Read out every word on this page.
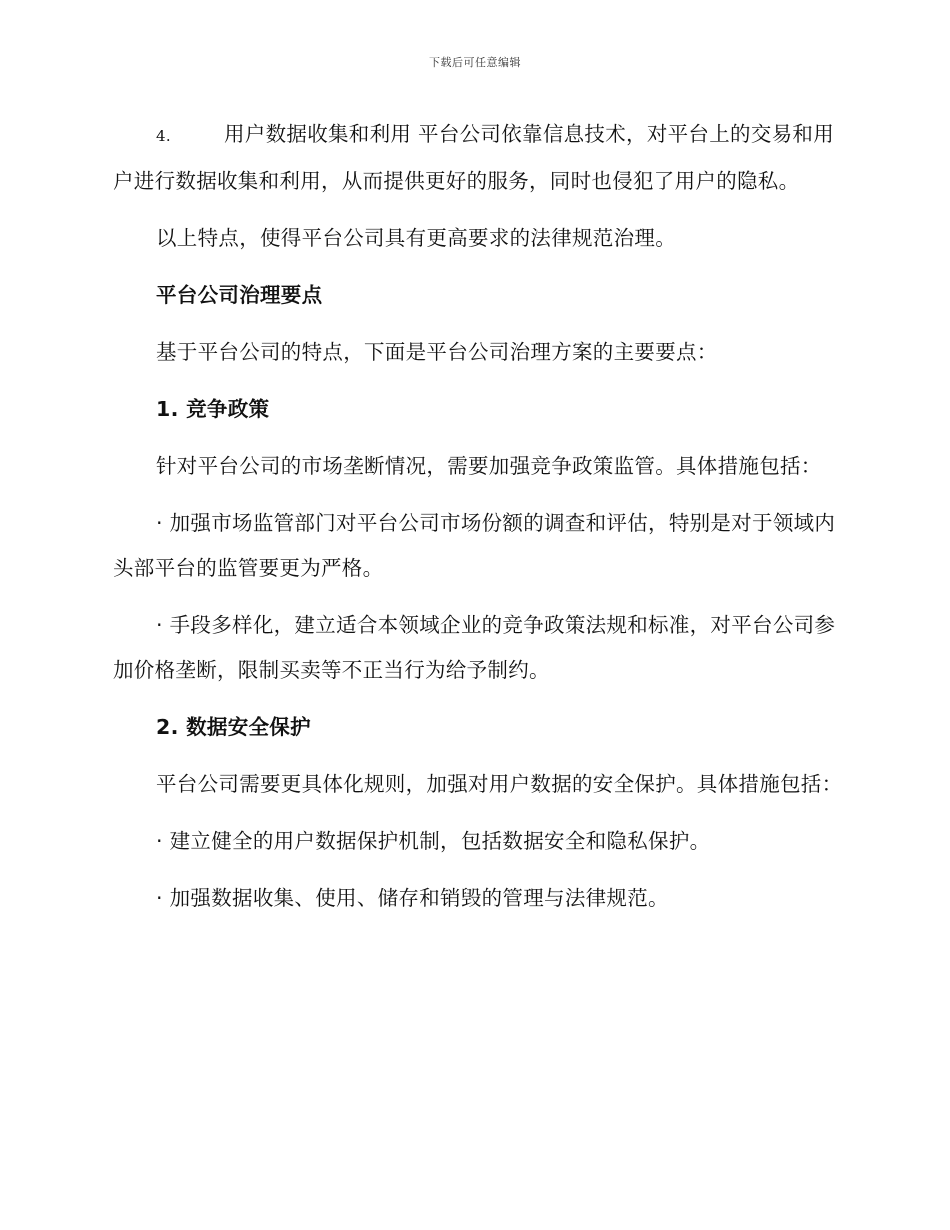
下载后可任意编辑

4.	用户数据收集和利用 平台公司依靠信息技术，对平台上的交易和用户进行数据收集和利用，从而提供更好的服务，同时也侵犯了用户的隐私。

以上特点，使得平台公司具有更高要求的法律规范治理。

平台公司治理要点

基于平台公司的特点，下面是平台公司治理方案的主要要点：

1. 竞争政策

针对平台公司的市场垄断情况，需要加强竞争政策监管。具体措施包括：

· 加强市场监管部门对平台公司市场份额的调查和评估，特别是对于领域内头部平台的监管要更为严格。

· 手段多样化，建立适合本领域企业的竞争政策法规和标准，对平台公司参加价格垄断，限制买卖等不正当行为给予制约。

2. 数据安全保护

平台公司需要更具体化规则，加强对用户数据的安全保护。具体措施包括：

· 建立健全的用户数据保护机制，包括数据安全和隐私保护。

· 加强数据收集、使用、储存和销毁的管理与法律规范。
